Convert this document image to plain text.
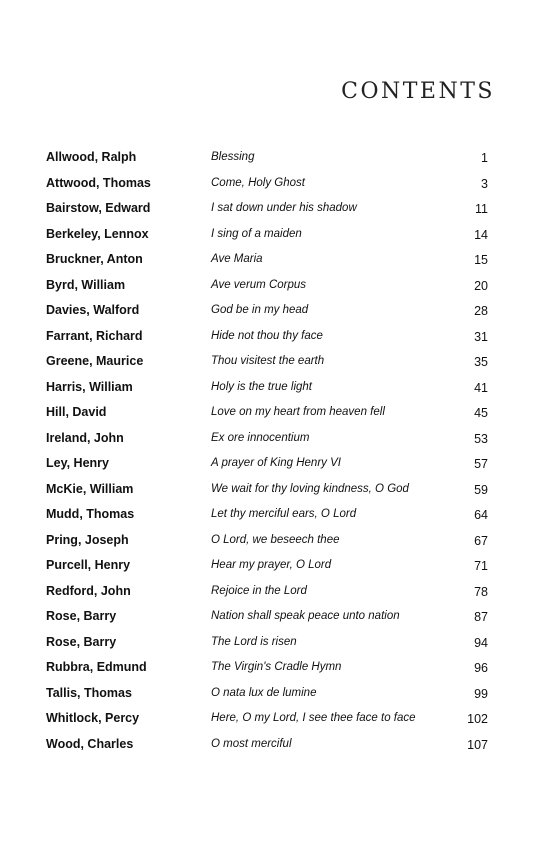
CONTENTS
Allwood, Ralph	Blessing	1
Attwood, Thomas	Come, Holy Ghost	3
Bairstow, Edward	I sat down under his shadow	11
Berkeley, Lennox	I sing of a maiden	14
Bruckner, Anton	Ave Maria	15
Byrd, William	Ave verum Corpus	20
Davies, Walford	God be in my head	28
Farrant, Richard	Hide not thou thy face	31
Greene, Maurice	Thou visitest the earth	35
Harris, William	Holy is the true light	41
Hill, David	Love on my heart from heaven fell	45
Ireland, John	Ex ore innocentium	53
Ley, Henry	A prayer of King Henry VI	57
McKie, William	We wait for thy loving kindness, O God	59
Mudd, Thomas	Let thy merciful ears, O Lord	64
Pring, Joseph	O Lord, we beseech thee	67
Purcell, Henry	Hear my prayer, O Lord	71
Redford, John	Rejoice in the Lord	78
Rose, Barry	Nation shall speak peace unto nation	87
Rose, Barry	The Lord is risen	94
Rubbra, Edmund	The Virgin's Cradle Hymn	96
Tallis, Thomas	O nata lux de lumine	99
Whitlock, Percy	Here, O my Lord, I see thee face to face	102
Wood, Charles	O most merciful	107
